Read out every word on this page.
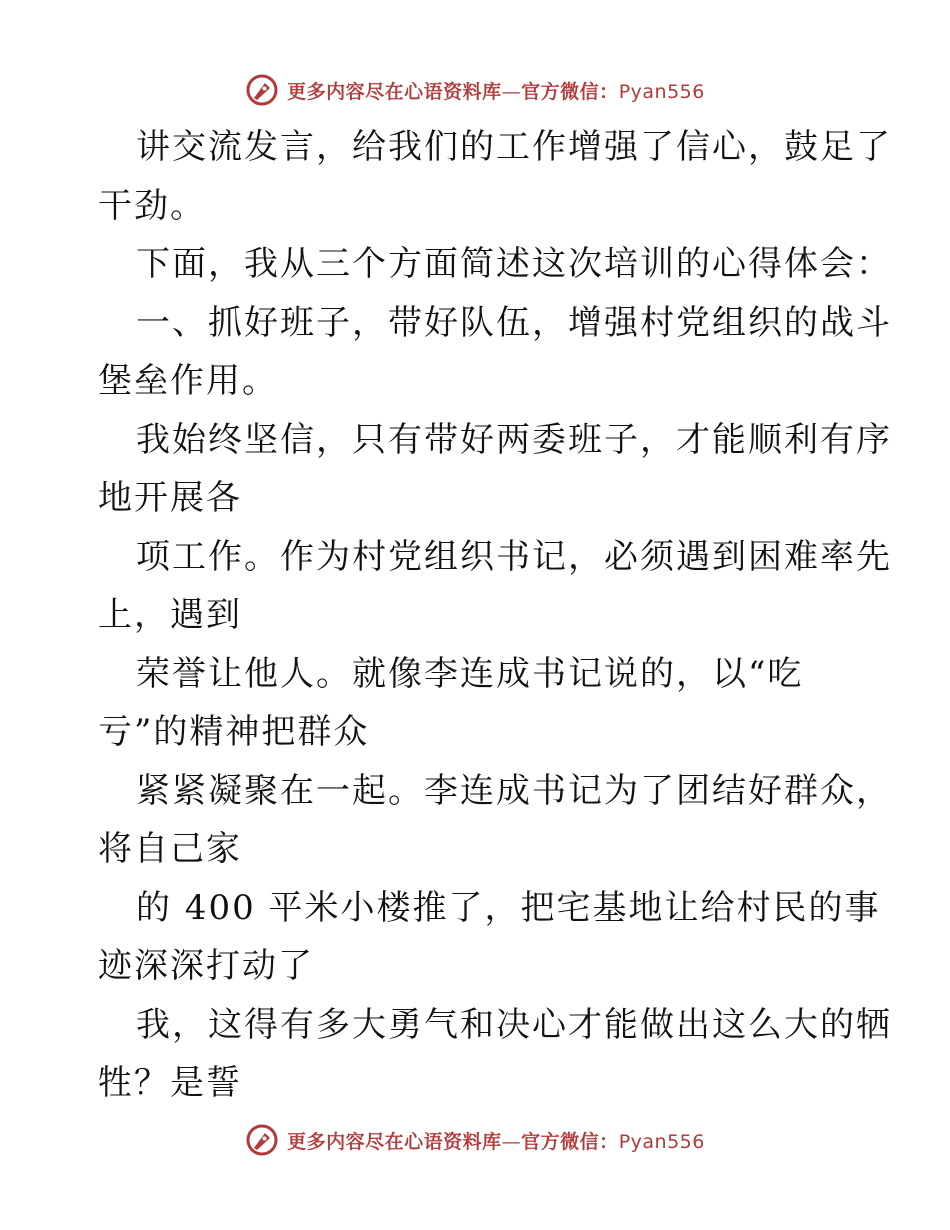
更多内容尽在心语资料库—官方微信：Pyan556
讲交流发言，给我们的工作增强了信心，鼓足了
干劲。
下面，我从三个方面简述这次培训的心得体会：
一、抓好班子，带好队伍，增强村党组织的战斗
堡垒作用。
我始终坚信，只有带好两委班子，才能顺利有序
地开展各
项工作。作为村党组织书记，必须遇到困难率先
上，遇到
荣誉让他人。就像李连成书记说的，以“吃
亏”的精神把群众
紧紧凝聚在一起。李连成书记为了团结好群众，
将自己家
的 400 平米小楼推了，把宅基地让给村民的事
迹深深打动了
我，这得有多大勇气和决心才能做出这么大的牺
牲？是誓
更多内容尽在心语资料库—官方微信：Pyan556
